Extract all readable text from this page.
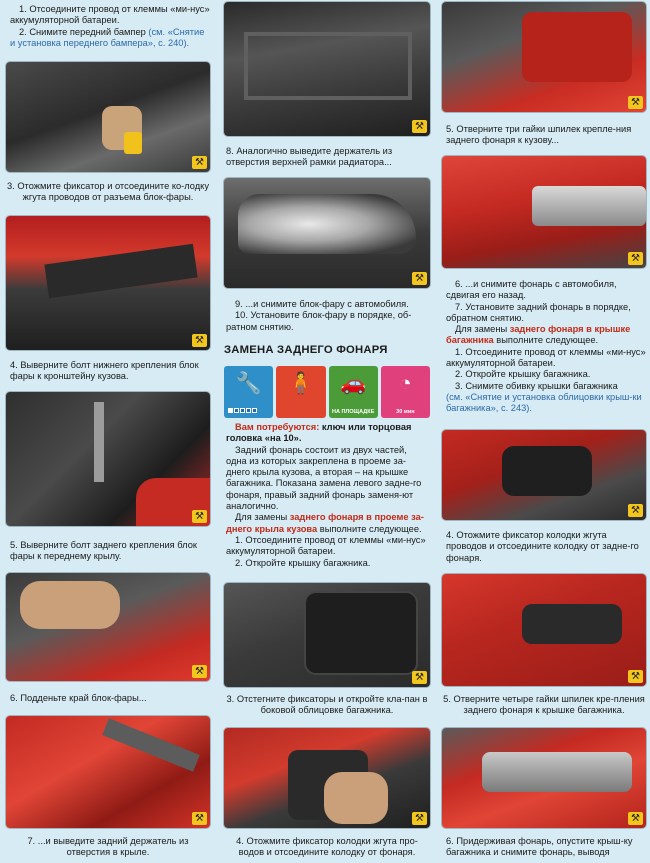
1. Отсоедините провод от клеммы «ми-нус» аккумуляторной батареи.

2. Снимите передний бампер (см. «Снятие и установка переднего бампера», с. 240).

⚒
3. Отожмите фиксатор и отсоедините ко-лодку жгута проводов от разъема блок-фары.
⚒
4. Выверните болт нижнего крепления блок фары к кронштейну кузова.
⚒
5. Выверните болт заднего крепления блок фары к переднему крылу.
⚒
6. Подденьте край блок-фары...
⚒
7. ...и выведите задний держатель из отверстия в крыле.
⚒
8. Аналогично выведите держатель из отверстия верхней рамки радиатора...
⚒

9. ...и снимите блок-фару с автомобиля.

10. Установите блок-фару в порядке, об-ратном снятию.

ЗАМЕНА ЗАДНЕГО ФОНАРЯ
🔧 🧍 🚗
НА ПЛОЩАДКЕ
◔
30 мин

Вам потребуются: ключ или торцовая головка «на 10».

Задний фонарь состоит из двух частей, одна из которых закреплена в проеме за-днего крыла кузова, а вторая – на крышке багажника. Показана замена левого задне-го фонаря, правый задний фонарь заменя-ют аналогично.

Для замены заднего фонаря в проеме за-днего крыла кузова выполните следующее.

1. Отсоедините провод от клеммы «ми-нус» аккумуляторной батареи.

2. Откройте крышку багажника.

⚒
3. Отстегните фиксаторы и откройте кла-пан в боковой облицовке багажника.
⚒
4. Отожмите фиксатор колодки жгута про-водов и отсоедините колодку от фонаря.
⚒
5. Отверните три гайки шпилек крепле-ния заднего фонаря к кузову...
⚒

6. ...и снимите фонарь с автомобиля, сдвигая его назад.

7. Установите задний фонарь в порядке, обратном снятию.

Для замены заднего фонаря в крышке багажника выполните следующее.

1. Отсоедините провод от клеммы «ми-нус» аккумуляторной батареи.

2. Откройте крышку багажника.

3. Снимите обивку крышки багажника

(см. «Снятие и установка облицовки крыш-ки багажника», с. 243).

⚒
4. Отожмите фиксатор колодки жгута проводов и отсоедините колодку от задне-го фонаря.
⚒
5. Отверните четыре гайки шпилек кре-пления заднего фонаря к крышке багажника.
⚒
6. Придерживая фонарь, опустите крыш-ку багажника и снимите фонарь, выводя
